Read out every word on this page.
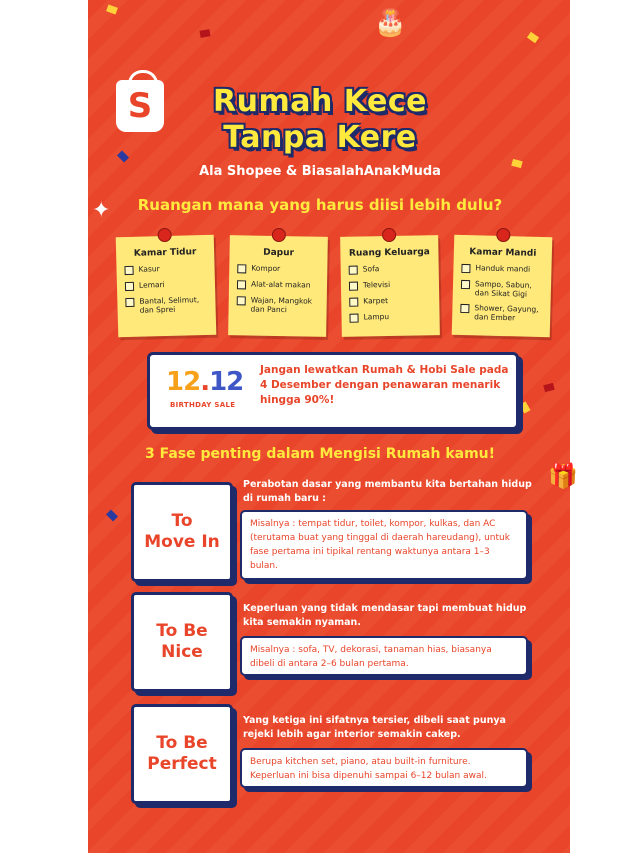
🎂
✦
🎁
S	Rumah Kece
Tanpa Kere
Ala Shopee & BiasalahAnakMuda
Ruangan mana yang harus diisi lebih dulu?
Kamar Tidur
Kasur
Lemari
Bantal, Selimut, dan Sprei
Dapur
Kompor
Alat-alat makan
Wajan, Mangkok dan Panci
Ruang Keluarga
Sofa
Televisi
Karpet
Lampu
Kamar Mandi
Handuk mandi
Sampo, Sabun, dan Sikat Gigi
Shower, Gayung, dan Ember
12.12
BIRTHDAY SALE
Jangan lewatkan Rumah & Hobi Sale pada 4 Desember dengan penawaran menarik hingga 90%!
3 Fase penting dalam Mengisi Rumah kamu!
To
Move In
Perabotan dasar yang membantu kita bertahan hidup di rumah baru :
Misalnya : tempat tidur, toilet, kompor, kulkas, dan AC (terutama buat yang tinggal di daerah hareudang), untuk fase pertama ini tipikal rentang waktunya antara 1–3 bulan.
To Be
Nice
Keperluan yang tidak mendasar tapi membuat hidup kita semakin nyaman.
Misalnya : sofa, TV, dekorasi, tanaman hias, biasanya dibeli di antara 2–6 bulan pertama.
To Be
Perfect
Yang ketiga ini sifatnya tersier, dibeli saat punya rejeki lebih agar interior semakin cakep.
Berupa kitchen set, piano, atau built-in furniture. Keperluan ini bisa dipenuhi sampai 6–12 bulan awal.
